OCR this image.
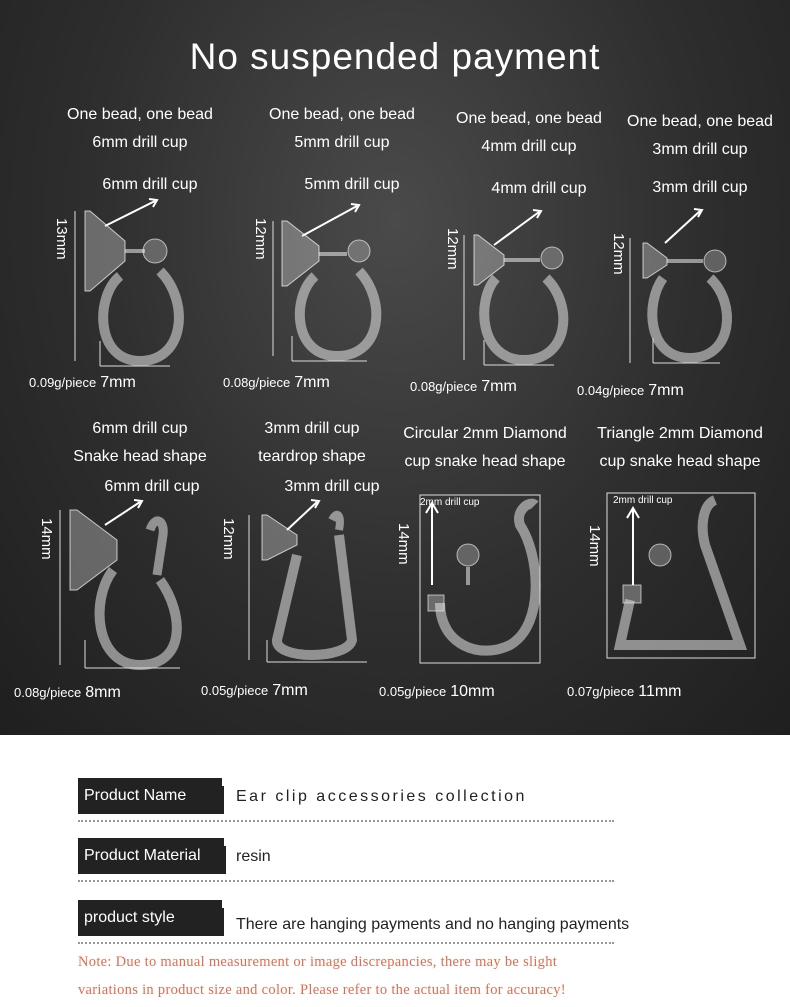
No suspended payment
One bead, one bead
6mm drill cup
6mm drill cup
13mm
0.09g/piece 7mm
One bead, one bead
5mm drill cup
5mm drill cup
12mm
0.08g/piece 7mm
One bead, one bead
4mm drill cup
4mm drill cup
12mm
0.08g/piece 7mm
One bead, one bead
3mm drill cup
3mm drill cup
12mm
0.04g/piece 7mm
6mm drill cup
Snake head shape
6mm drill cup
14mm
0.08g/piece 8mm
3mm drill cup
teardrop shape
3mm drill cup
12mm
0.05g/piece 7mm
Circular 2mm Diamond
cup snake head shape
2mm drill cup
14mm
0.05g/piece 10mm
Triangle 2mm Diamond
cup snake head shape
2mm drill cup
14mm
0.07g/piece 11mm
Product Name	Ear clip accessories collection
Product Material	resin
product style	There are hanging payments and no hanging payments
Note: Due to manual measurement or image discrepancies, there may be slight
variations in product size and color. Please refer to the actual item for accuracy!
